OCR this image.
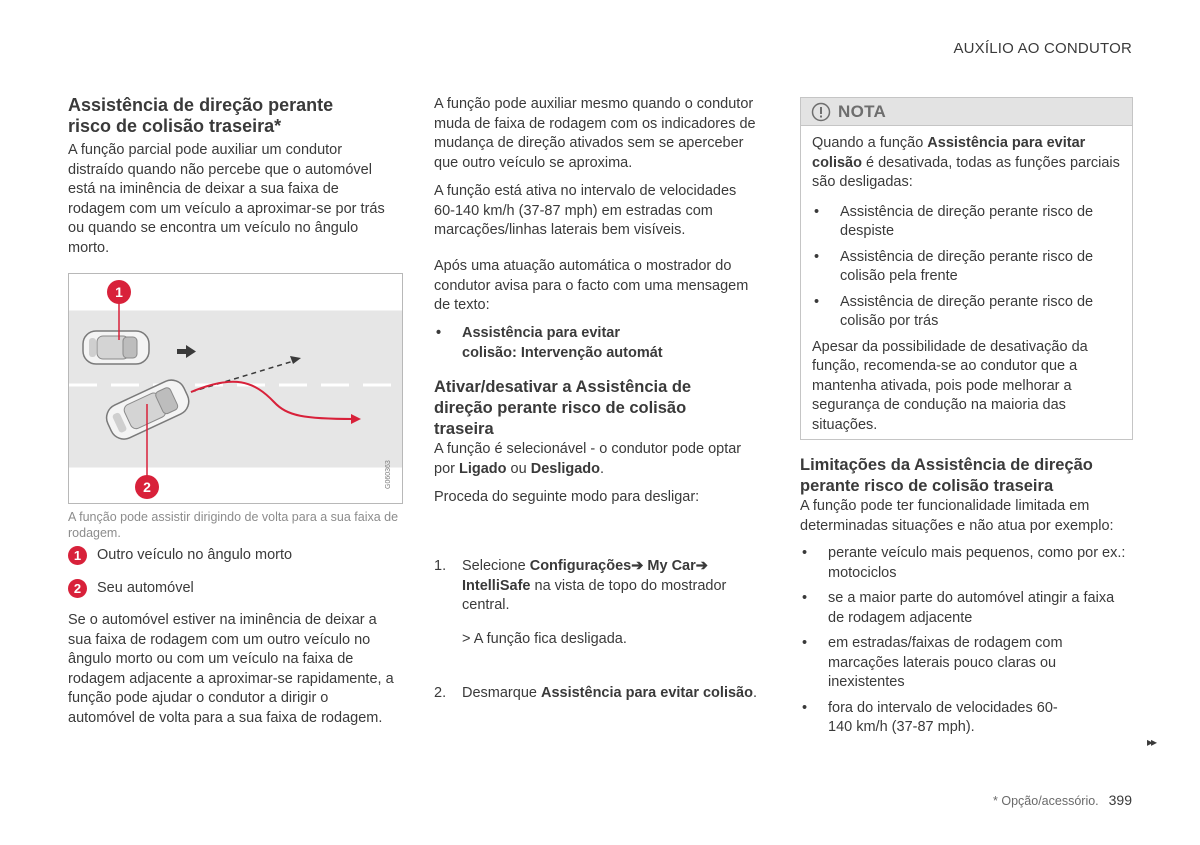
AUXÍLIO AO CONDUTOR
Assistência de direção perante risco de colisão traseira*

A função parcial pode auxiliar um condutor distraído quando não percebe que o automóvel está na iminência de deixar a sua faixa de rodagem com um veículo a aproximar-se por trás ou quando se encontra um veículo no ângulo morto.

1
2	G060363
A função pode assistir dirigindo de volta para a sua faixa de rodagem.
1	Outro veículo no ângulo morto
2	Seu automóvel

Se o automóvel estiver na iminência de deixar a sua faixa de rodagem com um outro veículo no ângulo morto ou com um veículo na faixa de rodagem adjacente a aproximar-se rapidamente, a função pode ajudar o condutor a dirigir o automóvel de volta para a sua faixa de rodagem.

A função pode auxiliar mesmo quando o condutor muda de faixa de rodagem com os indicadores de mudança de direção ativados sem se aperceber que outro veículo se aproxima.

A função está ativa no intervalo de velocidades 60-140 km/h (37-87 mph) em estradas com marcações/linhas laterais bem visíveis.

Após uma atuação automática o mostrador do condutor avisa para o facto com uma mensagem de texto:

• Assistência para evitar
colisão: Intervenção automát
Ativar/desativar a Assistência de direção perante risco de colisão traseira

A função é selecionável - o condutor pode optar por Ligado ou Desligado.

Proceda do seguinte modo para desligar:

1. Selecione Configurações➔ My Car➔ IntelliSafe na vista de topo do mostrador central.
2. Desmarque Assistência para evitar colisão.
> A função fica desligada.
NOTA

Quando a função Assistência para evitar colisão é desativada, todas as funções parciais são desligadas:

• Assistência de direção perante risco de despiste
• Assistência de direção perante risco de colisão pela frente
• Assistência de direção perante risco de colisão por trás

Apesar da possibilidade de desativação da função, recomenda-se ao condutor que a mantenha ativada, pois pode melhorar a segurança de condução na maioria das situações.

Limitações da Assistência de direção perante risco de colisão traseira

A função pode ter funcionalidade limitada em determinadas situações e não atua por exemplo:

• perante veículo mais pequenos, como por ex.: motociclos
• se a maior parte do automóvel atingir a faixa de rodagem adjacente
• em estradas/faixas de rodagem com marcações laterais pouco claras ou inexistentes
• fora do intervalo de velocidades 60-140 km/h (37-87 mph).
▸▸
* Opção/acessório. 399
